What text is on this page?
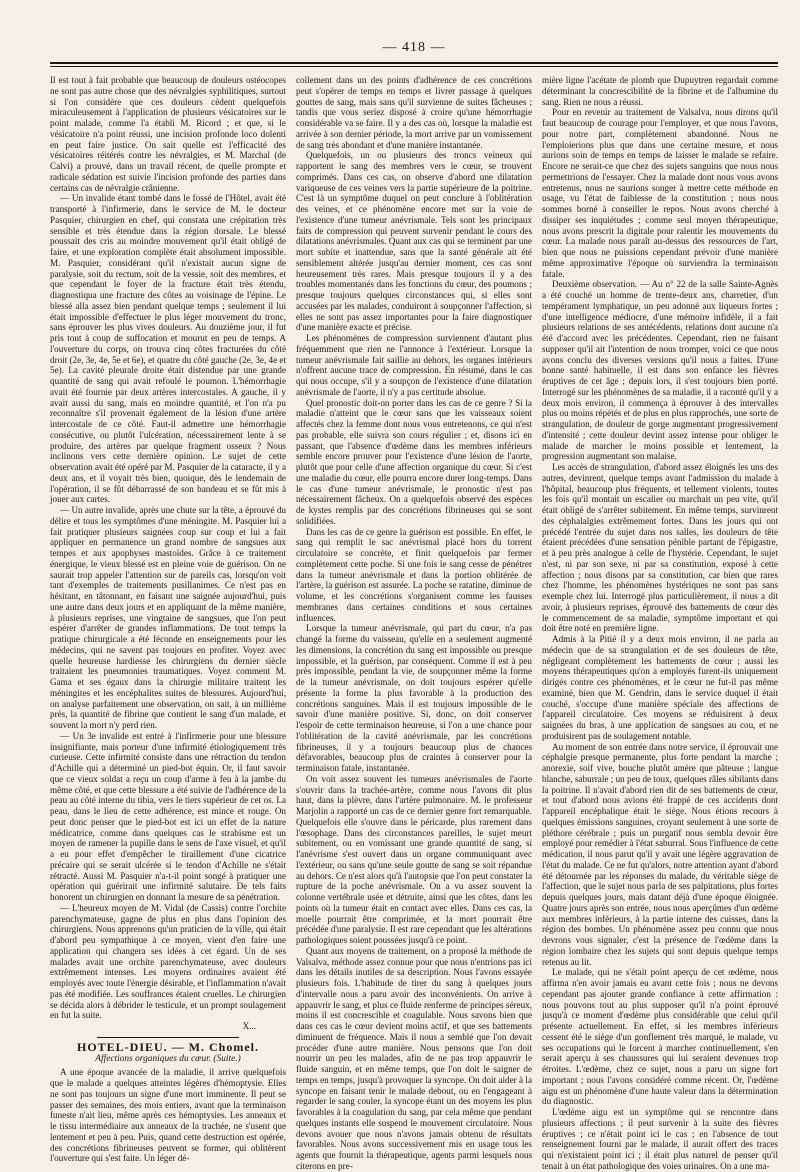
— 418 —

Il est tout à fait probable que beaucoup de douleurs ostéocopes ne sont pas autre chose que des névralgies syphilitiques, surtout si l'on considère que ces douleurs cèdent quelquefois miraculeusement à l'application de plusieurs vésicatoires sur le point malade, comme l'a établi M. Ricord ; et que, si le vésicatoire n'a point réussi, une incision profonde loco dolenti en peut faire justice. On sait quelle est l'efficacité des vésicatoires réitérés contre les névralgies, et M. Marchal (de Calvi) a prouvé, dans un travail récent, de quelle prompte et radicale sédation est suivie l'incision profonde des parties dans certains cas de névralgie crânienne.

— Un invalide étant tombé dans le fossé de l'Hôtel, avait été transporté à l'infirmerie, dans le service de M. le docteur Pasquier, chirurgien en chef, qui constata une crépitation très sensible et très étendue dans la région dorsale. Le blessé poussait des cris au moindre mouvement qu'il était obligé de faire, et une exploration complète était absolument impossible. M. Pasquier, considérant qu'il n'existait aucun signe de paralysie, soit du rectum, soit de la vessie, soit des membres, et que cependant le foyer de la fracture était très étendu, diagnostiqua une fracture des côtes au voisinage de l'épine. Le blessé alla assez bien pendant quelque temps ; seulement il lui était impossible d'effectuer le plus léger mouvement du tronc, sans éprouver les plus vives douleurs. Au douzième jour, il fut pris tout à coup de suffocation et mourut en peu de temps. A l'ouverture du corps, on trouva cinq côtes fracturées du côté droit (2e, 3e, 4e, 5e et 6e), et quatre du côté gauche (2e, 3e, 4e et 5e). La cavité pleurale droite était distendue par une grande quantité de sang qui avait refoulé le poumon. L'hémorrhagie avait été fournie par deux artères intercostales. A gauche, il y avait aussi du sang, mais en moindre quantité, et l'on n'a pu reconnaître s'il provenait également de la lésion d'une artère intercostale de ce côté. Faut-il admettre une hémorrhagie consécutive, ou plutôt l'ulcération, nécessairement lente à se produire, des artères par quelque fragment osseux ? Nous inclinons vers cette dernière opinion. Le sujet de cette observation avait été opéré par M. Pasquier de la cataracte, il y a deux ans, et il voyait très bien, quoique, dès le lendemain de l'opération, il se fût débarrassé de son bandeau et se fût mis à jouer aux cartes.

— Un autre invalide, après une chute sur la tête, a éprouvé du délire et tous les symptômes d'une méningite. M. Pasquier lui a fait pratiquer plusieurs saignées coup sur coup et lui a fait appliquer en permanence un grand nombre de sangsues aux tempes et aux apophyses mastoïdes. Grâce à ce traitement énergique, le vieux blessé est en pleine voie de guérison. On ne saurait trop appeler l'attention sur de pareils cas, lorsqu'on voit tant d'exemples de traitements pusillanimes. Ce n'est pas en hésitant, en tâtonnant, en faisant une saignée aujourd'hui, puis une autre dans deux jours et en appliquant de la même manière, à plusieurs reprises, une vingtaine de sangsues, que l'on peut espérer d'arrêter de grandes inflammations. De tout temps la pratique chirurgicale a été féconde en enseignements pour les médecins, qui ne savent pas toujours en profiter. Voyez avec quelle heureuse hardiesse les chirurgiens du dernier siècle traitaient les pneumonies traumatiques. Voyez comment M. Gama et ses égaux dans la chirurgie militaire traitent les méningites et les encéphalites suites de blessures. Aujourd'hui, on analyse parfaitement une observation, on sait, à un millième près, la quantité de fibrine que contient le sang d'un malade, et souvent la mort n'y perd rien.

— Un 3e invalide est entré à l'infirmerie pour une blessure insignifiante, mais porteur d'une infirmité étiologiquement très curieuse. Cette infirmité consiste dans une rétraction du tendon d'Achille qui a déterminé un pied-bot équin. Or, il faut savoir que ce vieux soldat a reçu un coup d'arme à feu à la jambe du même côté, et que cette blessure a été suivie de l'adhérence de la peau au côté interne du tibia, vers le tiers supérieur de cet os. La peau, dans le lieu de cette adhérence, est mince et rouge. On peut donc penser que le pied-bot est ici un effet de la nature médicatrice, comme dans quelques cas le strabisme est un moyen de ramener la pupille dans le sens de l'axe visuel, et qu'il a eu pour effet d'empêcher le tiraillement d'une cicatrice précaire qui se serait ulcérée si le tendon d'Achille ne s'était rétracté. Aussi M. Pasquier n'a-t-il point songé à pratiquer une opération qui guérirait une infirmité salutaire. De tels faits honorent un chirurgien en donnant la mesure de sa pénétration.

— L'heureux moyen de M. Vidal (de Cassis) contre l'orchite parenchymateuse, gagne de plus en plus dans l'opinion des chirurgiens. Nous apprenons qu'un praticien de la ville, qui était d'abord peu sympathique à ce moyen, vient d'en faire une application qui changera ses idées à cet égard. Un de ses malades avait une orchite parenchymateuse, avec douleurs extrêmement intenses. Les moyens ordinaires avaient été employés avec toute l'énergie désirable, et l'inflammation n'avait pas été modifiée. Les souffrances étaient cruelles. Le chirurgien se décida alors à débrider le testicule, et un prompt soulagement en fut la suite.

X...

HOTEL-DIEU. — M. Chomel.
Affections organiques du cœur. (Suite.)

A une époque avancée de la maladie, il arrive quelquefois que le malade a quelques atteintes légères d'hémoptysie. Elles ne sont pas toujours un signe d'une mort imminente. Il peut se passer des semaines, des mois entiers, avant que la terminaison funeste n'ait lieu, même après ces hémoptysies. Les anneaux et le tissu intermédiaire aux anneaux de la trachée, ne s'usent que lentement et peu à peu. Puis, quand cette destruction est opérée, des concrétions fibrineuses peuvent se former, qui oblitèrent l'ouverture qui s'est faite. Un léger dé-

collement dans un des points d'adhérence de ces concrétions peut s'opérer de temps en temps et livrer passage à quelques gouttes de sang, mais sans qu'il survienne de suites fâcheuses ; tandis que vous seriez disposé à croire qu'une hémorrhagie considérable va se faire. Il y a des cas où, lorsque la maladie est arrivée à son dernier période, la mort arrive par un vomissement de sang très abondant et d'une manière instantanée.

Quelquefois, un ou plusieurs des troncs veineux qui rapportent le sang des membres vers le cœur, se trouvent comprimés. Dans ces cas, on observe d'abord une dilatation variqueuse de ces veines vers la partie supérieure de la poitrine. C'est là un symptôme duquel on peut conclure à l'oblitération des veines, et ce phénomène encore met sur la voie de l'existence d'une tumeur anévrismale. Tels sont les principaux faits de compression qui peuvent survenir pendant le cours des dilatations anévrismales. Quant aux cas qui se terminent par une mort subite et inattendue, sans que la santé générale ait été sensiblement altérée jusqu'au dernier moment, ces cas sont heureusement très rares. Mais presque toujours il y a des troubles momentanés dans les fonctions du cœur, des poumons ; presque toujours quelques circonstances qui, si elles sont accusées par les malades, conduiront à soupçonner l'affection, si elles ne sont pas assez importantes pour la faire diagnostiquer d'une manière exacte et précise.

Les phénomènes de compression surviennent d'autant plus fréquemment que rien ne l'annonce à l'extérieur. Lorsque la tumeur anévrismale fait saillie au dehors, les organes intérieurs n'offrent aucune trace de compression. En résumé, dans le cas qui nous occupe, s'il y a soupçon de l'existence d'une dilatation anévrismale de l'aorte, il n'y a pas certitude absolue.

Quel pronostic doit-on porter dans les cas de ce genre ? Si la maladie n'atteint que le cœur sans que les vaisseaux soient affectés chez la femme dont nous vous entretenons, ce qui n'est pas probable, elle suivra son cours régulier ; et, disons ici en passant, que l'absence d'œdème dans les membres inférieurs semble encore prouver pour l'existence d'une lésion de l'aorte, plutôt que pour celle d'une affection organique du cœur. Si c'est une maladie du cœur, elle pourra encore durer long-temps. Dans le cas d'une tumeur anévrismale, le pronostic n'est pas nécessairement fâcheux. On a quelquefois observé des espèces de kystes remplis par des concrétions fibrineuses qui se sont solidifiées.

Dans les cas de ce genre la guérison est possible. En effet, le sang qui remplit le sac anévrismal placé hors du torrent circulatoire se concrète, et finit quelquefois par fermer complètement cette poche. Si une fois le sang cesse de pénétrer dans la tumeur anévrismale et dans la portion oblitérée de l'artère, la guérison est assurée. La poche se ratatine, diminue de volume, et les concrétions s'organisent comme les fausses membranes dans certaines conditions et sous certaines influences.

Lorsque la tumeur anévrismale, qui part du cœur, n'a pas changé la forme du vaisseau, qu'elle en a seulement augmenté les dimensions, la concrétion du sang est impossible ou presque impossible, et la guérison, par conséquent. Comme il est à peu près impossible, pendant la vie, de soupçonner même la forme de la tumeur anévrismale, on doit toujours espérer qu'elle présente la forme la plus favorable à la production des concrétions sanguines. Mais il est toujours impossible de le savoir d'une manière positive. Si, donc, on doit conserver l'espoir de cette terminaison heureuse, si l'on a une chance pour l'oblitération de la cavité anévrismale, par les concrétions fibrineuses, il y a toujours beaucoup plus de chances défavorables, beaucoup plus de craintes à conserver pour la terminaison fatale, instantanée.

On voit assez souvent les tumeurs anévrismales de l'aorte s'ouvrir dans la trachée-artère, comme nous l'avons dit plus haut, dans la plèvre, dans l'artère pulmonaire. M. le professeur Marjolin a rapporté un cas de ce dernier genre fort remarquable. Quelquefois elle s'ouvre dans le péricarde, plus rarement dans l'œsophage. Dans des circonstances pareilles, le sujet meurt subitement, ou en vomissant une grande quantité de sang, si l'anévrisme s'est ouvert dans un organe communiquant avec l'extérieur, ou sans qu'une seule goutte de sang se soit répandue au dehors. Ce n'est alors qu'à l'autopsie que l'on peut constater la rupture de la poche anévrismale. On a vu assez souvent la colonne vertébrale usée et détruite, ainsi que les côtes, dans les points où la tumeur était en contact avec elles. Dans ces cas, la moelle pourrait être comprimée, et la mort pourrait être précédée d'une paralysie. Il est rare cependant que les altérations pathologiques soient poussées jusqu'à ce point.

Quant aux moyens de traitement, on a proposé la méthode de Valsalva, méthode assez connue pour que nous n'entrions pas ici dans les détails inutiles de sa description. Nous l'avons essayée plusieurs fois. L'habitude de tirer du sang à quelques jours d'intervalle nous a paru avoir des inconvénients. On arrive à appauvrir le sang, et plus ce fluide renferme de principes séreux, moins il est concrescible et coagulable. Nous savons bien que dans ces cas le cœur devient moins actif, et que ses battements diminuent de fréquence. Mais il nous a semblé que l'on devait procéder d'une autre manière. Nous pensons que l'on doit nourrir un peu les malades, afin de ne pas trop appauvrir le fluide sanguin, et en même temps, que l'on doit le saigner de temps en temps, jusqu'à provoquer la syncope. On doit aider à la syncope en faisant tenir le malade debout, ou en l'engageant à regarder le sang couler, la syncope étant un des moyens les plus favorables à la coagulation du sang, par cela même que pendant quelques instants elle suspend le mouvement circulatoire. Nous devons avouer que nous n'avons jamais obtenu de résultats favorables. Nous avons successivement mis en usage tous les agents que fournit la thérapeutique, agents parmi lesquels nous citerons en pre-

mière ligne l'acétate de plomb que Dupuytren regardait comme déterminant la concrescibilité de la fibrine et de l'albumine du sang. Rien ne nous a réussi.

Pour en revenir au traitement de Valsalva, nous dirons qu'il faut beaucoup de courage pour l'employer, et que nous l'avons, pour notre part, complètement abandonné. Nous ne l'emploierions plus que dans une certaine mesure, et nous aurions soin de temps en temps de laisser le malade se refaire. Encore ne serait-ce que chez des sujets sanguins que nous nous permettrions de l'essayer. Chez la malade dont nous vous avons entretenus, nous ne saurions songer à mettre cette méthode en usage, vu l'état de faiblesse de la constitution ; nous nous sommes borné à conseiller le repos. Nous avons cherché à dissiper ses inquiétudes ; comme seul moyen thérapeutique, nous avons prescrit la digitale pour ralentir les mouvements du cœur. La malade nous paraît au-dessus des ressources de l'art, bien que nous ne puissions cependant prévoir d'une manière même approximative l'époque où surviendra la terminaison fatale.

Deuxième observation. — Au n° 22 de la salle Sainte-Agnès a été couché un homme de trente-deux ans, charretier, d'un tempérament lymphatique, un peu adonné aux liqueurs fortes ; d'une intelligence médiocre, d'une mémoire infidèle, il a fait plusieurs relations de ses antécédents, relations dont aucune n'a été d'accord avec les précédentes. Cependant, rien ne faisant supposer qu'il ait l'intention de nous tromper, voici ce que nous avons conclu des diverses versions qu'il nous a faites. D'une bonne santé habituelle, il est dans son enfance les fièvres éruptives de cet âge ; depuis lors, il s'est toujours bien porté. Interrogé sur les phénomènes de sa maladie, il a raconté qu'il y a deux mois environ, il commença à éprouver à des intervalles plus ou moins répétés et de plus en plus rapprochés, une sorte de strangulation, de douleur de gorge augmentant progressivement d'intensité ; cette douleur devint assez intense pour obliger le malade de marcher le moins possible et lentement, la progression augmentant son malaise.

Les accès de strangulation, d'abord assez éloignés les uns des autres, devinrent, quelque temps avant l'admission du malade à l'hôpital, beaucoup plus fréquents, et tellement violents, toutes les fois qu'il montait un escalier ou marchait un peu vite, qu'il était obligé de s'arrêter subitement. En même temps, survinrent des céphalalgies extrêmement fortes. Dans les jours qui ont précédé l'entrée du sujet dans nos salles, les douleurs de tête étaient précédées d'une sensation pénible partant de l'épigastre, et à peu près analogue à celle de l'hystérie. Cependant, le sujet n'est, ni par son sexe, ni par sa constitution, exposé à cette affection ; nous disons par sa constitution, car bien que rares chez l'homme, les phénomènes hystériques ne sont pas sans exemple chez lui. Interrogé plus particulièrement, il nous a dit avoir, à plusieurs reprises, éprouvé des battements de cœur dès le commencement de sa maladie, symptôme important et qui doit être noté en première ligne.

Admis à la Pitié il y a deux mois environ, il ne parla au médecin que de sa strangulation et de ses douleurs de tête, négligeant complètement les battements de cœur ; aussi les moyens thérapeutiques qu'on a employés furent-ils uniquement dirigés contre ces phénomènes, et le cœur ne fut-il pas même examiné, bien que M. Gendrin, dans le service duquel il était couché, s'occupe d'une manière spéciale des affections de l'appareil circulatoire. Ces moyens se réduisirent à deux saignées du bras, à une application de sangsues au cou, et ne produisirent pas de soulagement notable.

Au moment de son entrée dans notre service, il éprouvait une céphalgie presque permanente, plus forte pendant la marche ; anorexie, soif vive, bouche plutôt amère que pâteuse ; langue blanche, saburrale ; un peu de toux, quelques râles sibilants dans la poitrine. Il n'avait d'abord rien dit de ses battements de cœur, et tout d'abord nous avions été frappé de ces accidents dont l'appareil encéphalique était le siège. Nous étions recours à quelques émissions sanguines, croyant seulement à une sorte de pléthore cérébrale ; puis un purgatif nous sembla devoir être employé pour remédier à l'état saburral. Sous l'influence de cette médication, il nous parut qu'il y avait une légère aggravation de l'état du malade. Ce ne fut qu'alors, notre attention ayant d'abord été détournée par les réponses du malade, du véritable siège de l'affection, que le sujet nous parla de ses palpitations, plus fortes depuis quelques jours, mais datant déjà d'une époque éloignée. Quatre jours après son entrée, nous nous aperçûmes d'un œdème aux membres inférieurs, à la partie interne des cuisses, dans la région des bombes. Un phénomène assez peu connu que nous devrons vous signaler, c'est la présence de l'œdème dans la région lombaire chez les sujets qui sont depuis quelque temps retenus au lit.

Le malade, qui ne s'était point aperçu de cet œdème, nous affirma n'en avoir jamais eu avant cette fois ; nous ne devons cependant pas ajouter grande confiance à cette affirmation : nous pouvons tout au plus supposer qu'il n'a point éprouvé jusqu'à ce moment d'œdème plus considérable que celui qu'il présente actuellement. En effet, si les membres inférieurs cessent été le siège d'un gonflement très marqué, le malade, vu ses occupations qui le forcent à marcher continuellement, s'en serait aperçu à ses chaussures qui lui seraient devenues trop étroites. L'œdème, chez ce sujet, nous a paru un signe fort important ; nous l'avons considéré comme récent. Or, l'œdème aigu est un phénomène d'une haute valeur dans la détermination du diagnostic.

L'œdème aigu est un symptôme qui se rencontre dans plusieurs affections ; il peut survenir à la suite des fièvres éruptives ; ce n'était point ici le cas ; en l'absence de tout renseignement fourni par le malade, il aurait offert des traces qui n'existaient point ici ; il était plus naturel de penser qu'il tenait à un état pathologique des voies urinaires. On a une ma-
